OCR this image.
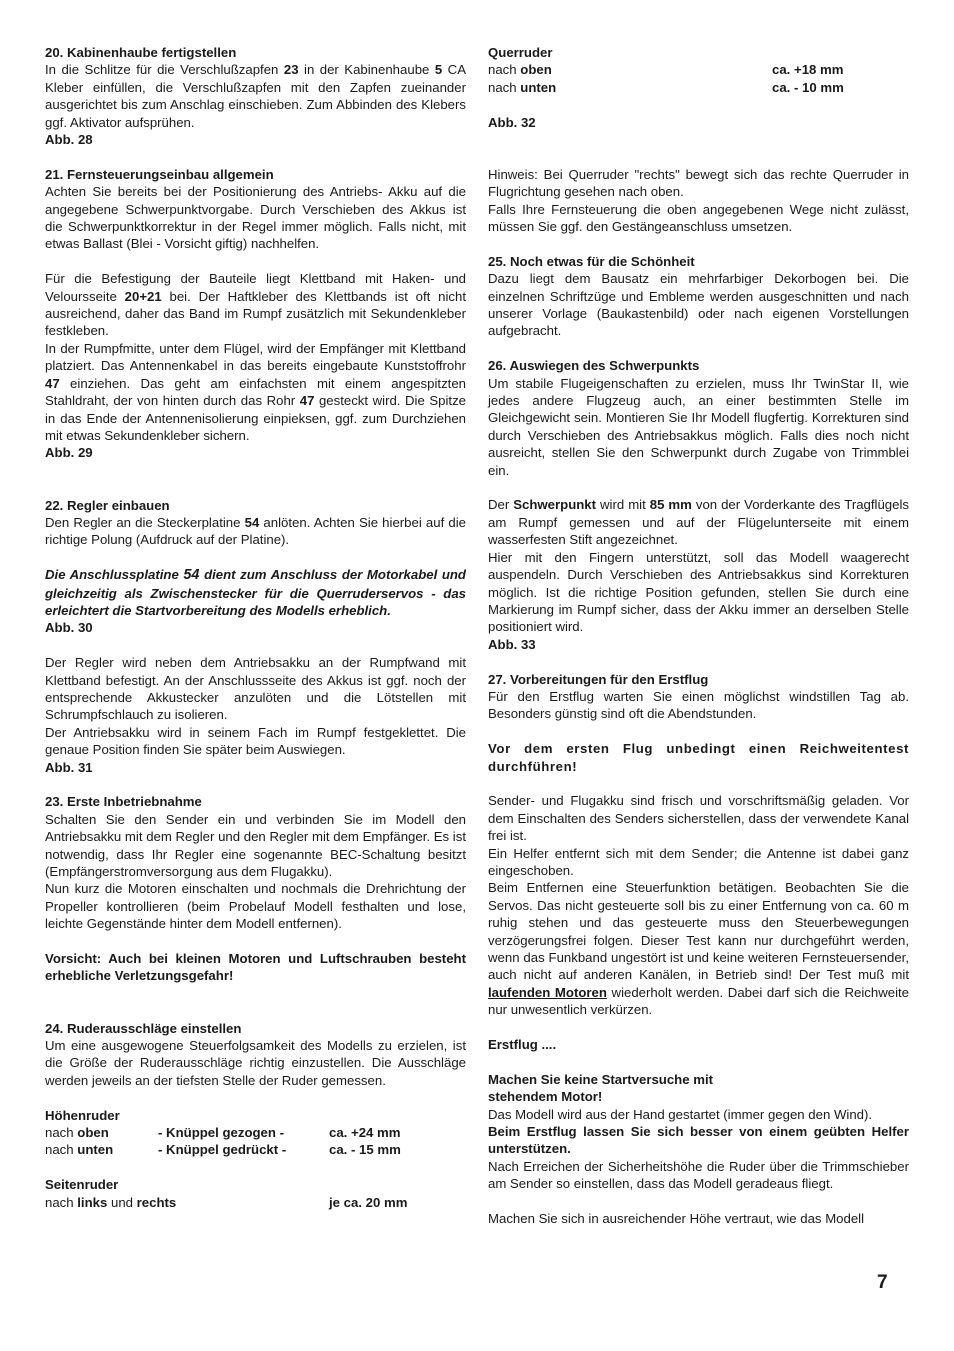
20. Kabinenhaube fertigstellen

In die Schlitze für die Verschlußzapfen 23 in der Kabinenhaube 5 CA Kleber einfüllen, die Verschlußzapfen mit den Zapfen zueinander ausgerichtet bis zum Anschlag einschieben. Zum Abbinden des Klebers ggf. Aktivator aufsprühen.

Abb. 28

21. Fernsteuerungseinbau allgemein

Achten Sie bereits bei der Positionierung des Antriebs- Akku auf die angegebene Schwerpunktvorgabe. Durch Verschieben des Akkus ist die Schwerpunktkorrektur in der Regel immer möglich. Falls nicht, mit etwas Ballast (Blei - Vorsicht giftig) nachhelfen.

Für die Befestigung der Bauteile liegt Klettband mit Haken- und Veloursseite 20+21 bei. Der Haftkleber des Klettbands ist oft nicht ausreichend, daher das Band im Rumpf zusätzlich mit Sekundenkleber festkleben.

In der Rumpfmitte, unter dem Flügel, wird der Empfänger mit Klettband platziert. Das Antennenkabel in das bereits eingebaute Kunststoffrohr 47 einziehen. Das geht am einfachsten mit einem angespitzten Stahldraht, der von hinten durch das Rohr 47 gesteckt wird. Die Spitze in das Ende der Antennenisolierung einpieksen, ggf. zum Durchziehen mit etwas Sekundenkleber sichern.

Abb. 29

22. Regler einbauen

Den Regler an die Steckerplatine 54 anlöten. Achten Sie hierbei auf die richtige Polung (Aufdruck auf der Platine).

Die Anschlussplatine 54 dient zum Anschluss der Motorkabel und gleichzeitig als Zwischenstecker für die Querruderservos - das erleichtert die Startvorbereitung des Modells erheblich.

Abb. 30

Der Regler wird neben dem Antriebsakku an der Rumpfwand mit Klettband befestigt. An der Anschlussseite des Akkus ist ggf. noch der entsprechende Akkustecker anzulöten und die Lötstellen mit Schrumpfschlauch zu isolieren.

Der Antriebsakku wird in seinem Fach im Rumpf festgeklettet. Die genaue Position finden Sie später beim Auswiegen.

Abb. 31

23. Erste Inbetriebnahme

Schalten Sie den Sender ein und verbinden Sie im Modell den Antriebsakku mit dem Regler und den Regler mit dem Empfänger. Es ist notwendig, dass Ihr Regler eine sogenannte BEC-Schaltung besitzt (Empfängerstromversorgung aus dem Flugakku).

Nun kurz die Motoren einschalten und nochmals die Drehrichtung der Propeller kontrollieren (beim Probelauf Modell festhalten und lose, leichte Gegenstände hinter dem Modell entfernen).

Vorsicht: Auch bei kleinen Motoren und Luftschrauben besteht erhebliche Verletzungsgefahr!

24. Ruderausschläge einstellen

Um eine ausgewogene Steuerfolgsamkeit des Modells zu erzielen, ist die Größe der Ruderausschläge richtig einzustellen. Die Ausschläge werden jeweils an der tiefsten Stelle der Ruder gemessen.

Höhenruder
nach oben	- Knüppel gezogen -	ca. +24 mm
nach unten	- Knüppel gedrückt -	ca. - 15 mm
Seitenruder
nach links und rechts	je ca. 20 mm
Querruder
nach oben	ca. +18 mm
nach unten	ca. - 10 mm

Abb. 32

Hinweis: Bei Querruder "rechts" bewegt sich das rechte Querruder in Flugrichtung gesehen nach oben.

Falls Ihre Fernsteuerung die oben angegebenen Wege nicht zulässt, müssen Sie ggf. den Gestängeanschluss umsetzen.

25. Noch etwas für die Schönheit

Dazu liegt dem Bausatz ein mehrfarbiger Dekorbogen bei. Die einzelnen Schriftzüge und Embleme werden ausgeschnitten und nach unserer Vorlage (Baukastenbild) oder nach eigenen Vorstellungen aufgebracht.

26. Auswiegen des Schwerpunkts

Um stabile Flugeigenschaften zu erzielen, muss Ihr TwinStar II, wie jedes andere Flugzeug auch, an einer bestimmten Stelle im Gleichgewicht sein. Montieren Sie Ihr Modell flugfertig. Korrekturen sind durch Verschieben des Antriebsakkus möglich. Falls dies noch nicht ausreicht, stellen Sie den Schwerpunkt durch Zugabe von Trimmblei ein.

Der Schwerpunkt wird mit 85 mm von der Vorderkante des Tragflügels am Rumpf gemessen und auf der Flügelunterseite mit einem wasserfesten Stift angezeichnet.

Hier mit den Fingern unterstützt, soll das Modell waagerecht auspendeln. Durch Verschieben des Antriebsakkus sind Korrekturen möglich. Ist die richtige Position gefunden, stellen Sie durch eine Markierung im Rumpf sicher, dass der Akku immer an derselben Stelle positioniert wird.

Abb. 33

27. Vorbereitungen für den Erstflug

Für den Erstflug warten Sie einen möglichst windstillen Tag ab. Besonders günstig sind oft die Abendstunden.

Vor dem ersten Flug unbedingt einen Reichweitentest durchführen!

Sender- und Flugakku sind frisch und vorschriftsmäßig geladen. Vor dem Einschalten des Senders sicherstellen, dass der verwendete Kanal frei ist.

Ein Helfer entfernt sich mit dem Sender; die Antenne ist dabei ganz eingeschoben.

Beim Entfernen eine Steuerfunktion betätigen. Beobachten Sie die Servos. Das nicht gesteuerte soll bis zu einer Entfernung von ca. 60 m ruhig stehen und das gesteuerte muss den Steuerbewegungen verzögerungsfrei folgen. Dieser Test kann nur durchgeführt werden, wenn das Funkband ungestört ist und keine weiteren Fernsteuersender, auch nicht auf anderen Kanälen, in Betrieb sind! Der Test muß mit laufenden Motoren wiederholt werden. Dabei darf sich die Reichweite nur unwesentlich verkürzen.

Erstflug ....

Machen Sie keine Startversuche mit

stehendem Motor!

Das Modell wird aus der Hand gestartet (immer gegen den Wind).

Beim Erstflug lassen Sie sich besser von einem geübten Helfer unterstützen.

Nach Erreichen der Sicherheitshöhe die Ruder über die Trimmschieber am Sender so einstellen, dass das Modell geradeaus fliegt.

Machen Sie sich in ausreichender Höhe vertraut, wie das Modell

7
